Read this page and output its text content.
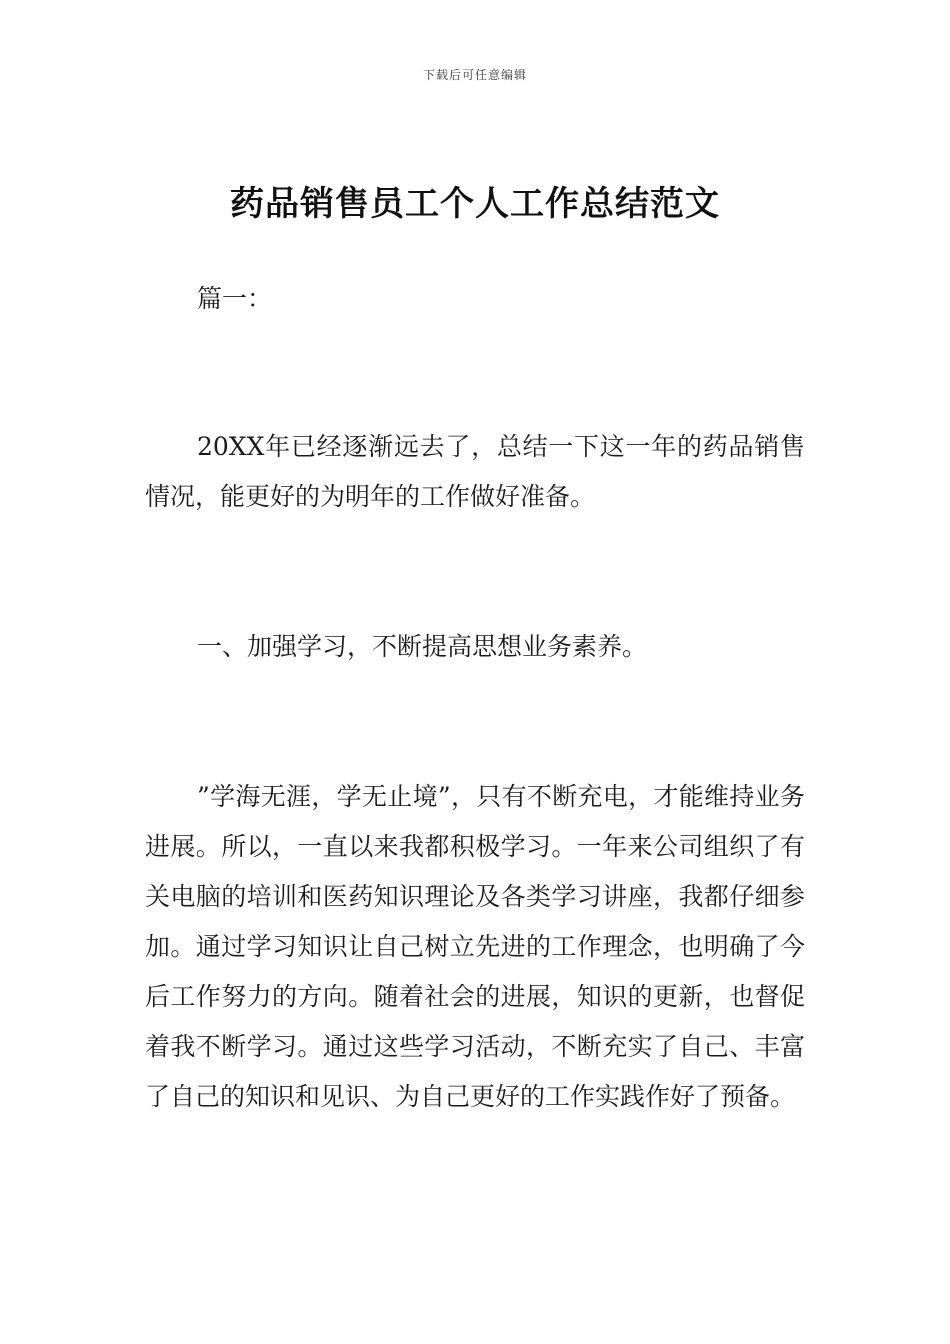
下载后可任意编辑
药品销售员工个人工作总结范文

篇一：

20XX年已经逐渐远去了，总结一下这一年的药品销售情况，能更好的为明年的工作做好准备。

一、加强学习，不断提高思想业务素养。

”学海无涯，学无止境”，只有不断充电，才能维持业务进展。所以，一直以来我都积极学习。一年来公司组织了有关电脑的培训和医药知识理论及各类学习讲座，我都仔细参加。通过学习知识让自己树立先进的工作理念，也明确了今后工作努力的方向。随着社会的进展，知识的更新，也督促着我不断学习。通过这些学习活动，不断充实了自己、丰富了自己的知识和见识、为自己更好的工作实践作好了预备。
